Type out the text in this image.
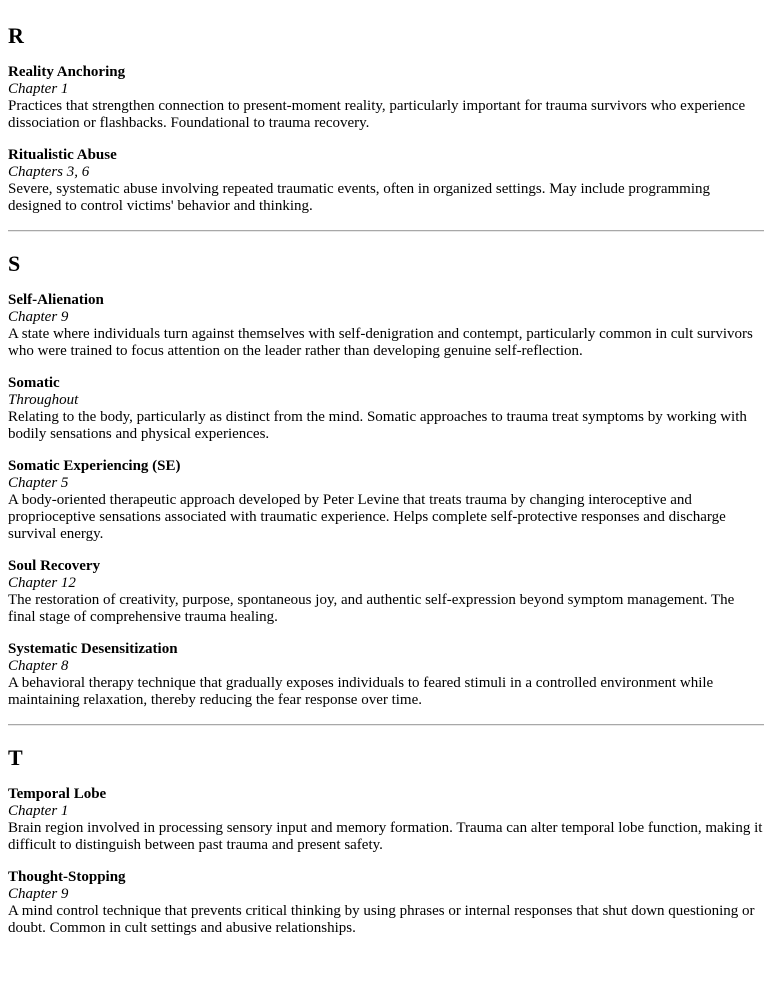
R
Reality Anchoring
Chapter 1
Practices that strengthen connection to present-moment reality, particularly important for trauma survivors who experience dissociation or flashbacks. Foundational to trauma recovery.
Ritualistic Abuse
Chapters 3, 6
Severe, systematic abuse involving repeated traumatic events, often in organized settings. May include programming designed to control victims' behavior and thinking.
S
Self-Alienation
Chapter 9
A state where individuals turn against themselves with self-denigration and contempt, particularly common in cult survivors who were trained to focus attention on the leader rather than developing genuine self-reflection.
Somatic
Throughout
Relating to the body, particularly as distinct from the mind. Somatic approaches to trauma treat symptoms by working with bodily sensations and physical experiences.
Somatic Experiencing (SE)
Chapter 5
A body-oriented therapeutic approach developed by Peter Levine that treats trauma by changing interoceptive and proprioceptive sensations associated with traumatic experience. Helps complete self-protective responses and discharge survival energy.
Soul Recovery
Chapter 12
The restoration of creativity, purpose, spontaneous joy, and authentic self-expression beyond symptom management. The final stage of comprehensive trauma healing.
Systematic Desensitization
Chapter 8
A behavioral therapy technique that gradually exposes individuals to feared stimuli in a controlled environment while maintaining relaxation, thereby reducing the fear response over time.
T
Temporal Lobe
Chapter 1
Brain region involved in processing sensory input and memory formation. Trauma can alter temporal lobe function, making it difficult to distinguish between past trauma and present safety.
Thought-Stopping
Chapter 9
A mind control technique that prevents critical thinking by using phrases or internal responses that shut down questioning or doubt. Common in cult settings and abusive relationships.
